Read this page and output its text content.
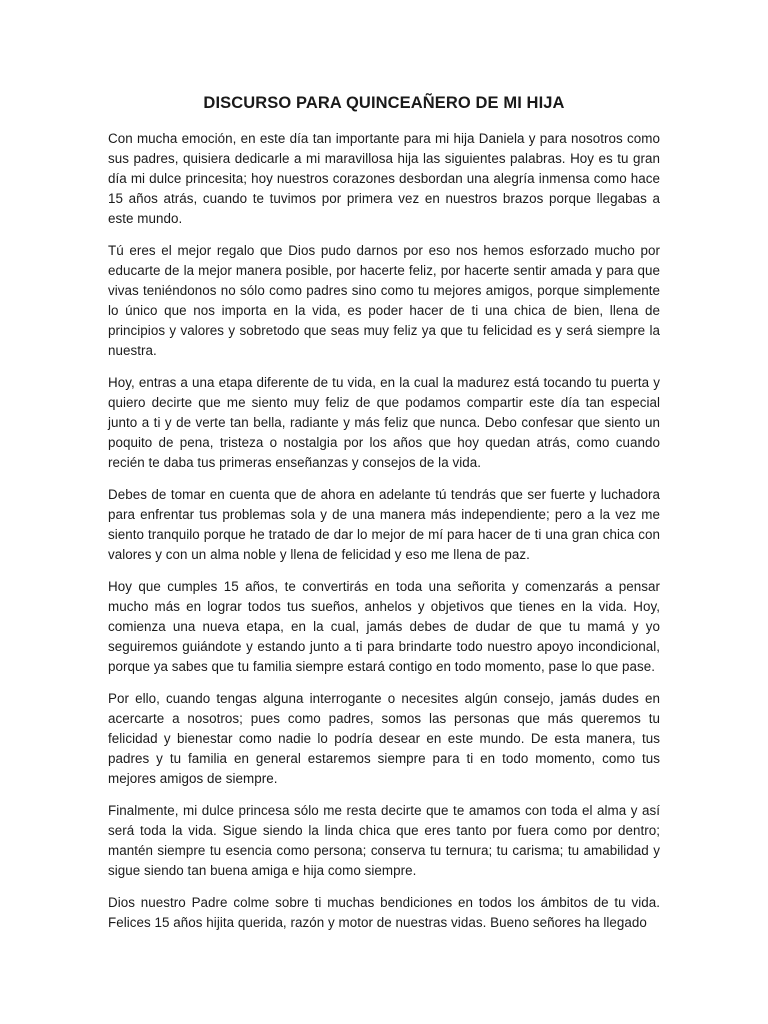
DISCURSO PARA QUINCEAÑERO DE MI HIJA

Con mucha emoción, en este día tan importante para mi hija Daniela y para nosotros como sus padres, quisiera dedicarle a mi maravillosa hija las siguientes palabras. Hoy es tu gran día mi dulce princesita; hoy nuestros corazones desbordan una alegría inmensa como hace 15 años atrás, cuando te tuvimos por primera vez en nuestros brazos porque llegabas a este mundo.

Tú eres el mejor regalo que Dios pudo darnos por eso nos hemos esforzado mucho por educarte de la mejor manera posible, por hacerte feliz, por hacerte sentir amada y para que vivas teniéndonos no sólo como padres sino como tu mejores amigos, porque simplemente lo único que nos importa en la vida, es poder hacer de ti una chica de bien, llena de principios y valores y sobretodo que seas muy feliz ya que tu felicidad es y será siempre la nuestra.

Hoy, entras a una etapa diferente de tu vida, en la cual la madurez está tocando tu puerta y quiero decirte que me siento muy feliz de que podamos compartir este día tan especial junto a ti y de verte tan bella, radiante y más feliz que nunca. Debo confesar que siento un poquito de pena, tristeza o nostalgia por los años que hoy quedan atrás, como cuando recién te daba tus primeras enseñanzas y consejos de la vida.

Debes de tomar en cuenta que de ahora en adelante tú tendrás que ser fuerte y luchadora para enfrentar tus problemas sola y de una manera más independiente; pero a la vez me siento tranquilo porque he tratado de dar lo mejor de mí para hacer de ti una gran chica con valores y con un alma noble y llena de felicidad y eso me llena de paz.

Hoy que cumples 15 años, te convertirás en toda una señorita y comenzarás a pensar mucho más en lograr todos tus sueños, anhelos y objetivos que tienes en la vida. Hoy, comienza una nueva etapa, en la cual, jamás debes de dudar de que tu mamá y yo seguiremos guiándote y estando junto a ti para brindarte todo nuestro apoyo incondicional, porque ya sabes que tu familia siempre estará contigo en todo momento, pase lo que pase.

Por ello, cuando tengas alguna interrogante o necesites algún consejo, jamás dudes en acercarte a nosotros; pues como padres, somos las personas que más queremos tu felicidad y bienestar como nadie lo podría desear en este mundo. De esta manera, tus padres y tu familia en general estaremos siempre para ti en todo momento, como tus mejores amigos de siempre.

Finalmente, mi dulce princesa sólo me resta decirte que te amamos con toda el alma y así será toda la vida. Sigue siendo la linda chica que eres tanto por fuera como por dentro; mantén siempre tu esencia como persona; conserva tu ternura; tu carisma; tu amabilidad y sigue siendo tan buena amiga e hija como siempre.

Dios nuestro Padre colme sobre ti muchas bendiciones en todos los ámbitos de tu vida. Felices 15 años hijita querida, razón y motor de nuestras vidas. Bueno señores ha llegado
